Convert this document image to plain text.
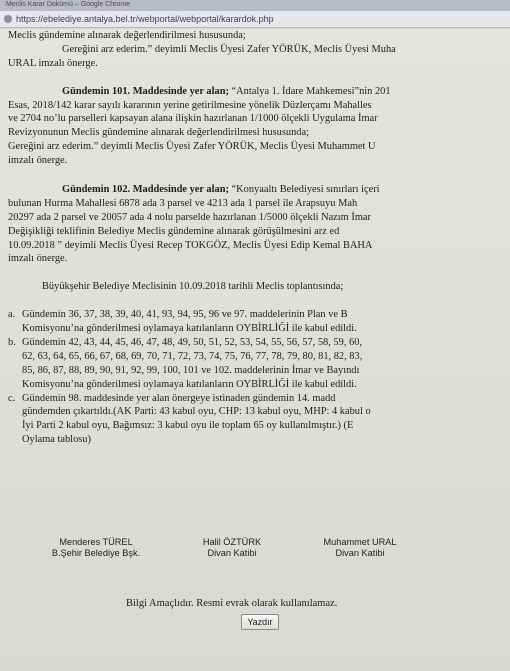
Meclis Karar Dokümü – Google Chrome
https://ebelediye.antalya.bel.tr/webportal/webportal/karardok.php
Meclis gündemine alınarak değerlendirilmesi hususunda;
Gereğini arz ederim.” deyimli Meclis Üyesi Zafer YÖRÜK, Meclis Üyesi Muha
URAL imzalı önerge.
Gündemin 101. Maddesinde yer alan; “Antalya 1. İdare Mahkemesi”nin 201
Esas, 2018/142 karar sayılı kararının yerine getirilmesine yönelik Düzlerçamı Mahalles
ve 2704 no’lu parselleri kapsayan alana ilişkin hazırlanan 1/1000 ölçekli Uygulama İmar
Revizyonunun Meclis gündemine alınarak değerlendirilmesi hususunda;
Gereğini arz ederim.” deyimli Meclis Üyesi Zafer YÖRÜK, Meclis Üyesi Muhammet U
imzalı önerge.
Gündemin 102. Maddesinde yer alan; “Konyaaltı Belediyesi sınırları içeri
bulunan Hurma Mahallesi 6878 ada 3 parsel ve 4213 ada 1 parsel ile Arapsuyu Mah
20297 ada 2 parsel ve 20057 ada 4 nolu parselde hazırlanan 1/5000 ölçekli Nazım İmar
Değişikliği teklifinin Belediye Meclis gündemine alınarak görüşülmesini arz ed
10.09.2018 ” deyimli Meclis Üyesi Recep TOKGÖZ, Meclis Üyesi Edip Kemal BAHA
imzalı önerge.
Büyükşehir Belediye Meclisinin 10.09.2018 tarihli Meclis toplantısında;
a. Gündemin 36, 37, 38, 39, 40, 41, 93, 94, 95, 96 ve 97. maddelerinin Plan ve B
Komisyonu’na gönderilmesi oylamaya katılanların OYBİRLİĞİ ile kabul edildi.
b. Gündemin 42, 43, 44, 45, 46, 47, 48, 49, 50, 51, 52, 53, 54, 55, 56, 57, 58, 59, 60,
62, 63, 64, 65, 66, 67, 68, 69, 70, 71, 72, 73, 74, 75, 76, 77, 78, 79, 80, 81, 82, 83,
85, 86, 87, 88, 89, 90, 91, 92, 99, 100, 101 ve 102. maddelerinin İmar ve Bayındı
Komisyonu’na gönderilmesi oylamaya katılanların OYBİRLİĞİ ile kabul edildi.
c. Gündemin 98. maddesinde yer alan önergeye istinaden gündemin 14. madd
gündemden çıkartıldı.(AK Parti: 43 kabul oyu, CHP: 13 kabul oyu, MHP: 4 kabul o
İyi Parti 2 kabul oyu, Bağımsız: 3 kabul oyu ile toplam 65 oy kullanılmıştır.) (E
Oylama tablosu)
Menderes TÜREL
B.Şehir Belediye Bşk.
Halil ÖZTÜRK
Divan Katibi
Muhammet URAL
Divan Katibi
Bilgi Amaçlıdır. Resmi evrak olarak kullanılamaz.
Yazdır
